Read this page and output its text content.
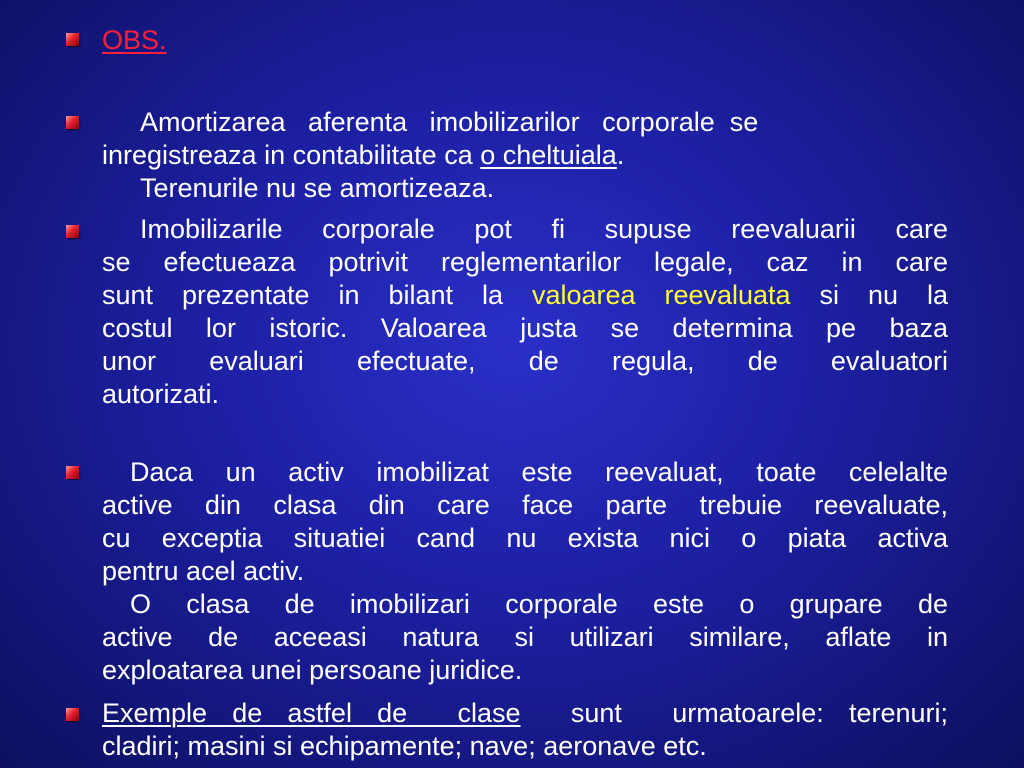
OBS.
Amortizarea   aferenta   imobilizarilor   corporale  se
inregistreaza in contabilitate ca o cheltuiala.
Terenurile nu se amortizeaza.
Imobilizarile corporale pot fi supuse reevaluarii care
se efectueaza potrivit reglementarilor legale, caz in care
sunt prezentate in bilant la valoarea reevaluata si nu la
costul lor istoric. Valoarea justa se determina pe baza
unor evaluari efectuate, de regula, de evaluatori
autorizati.
Daca un activ imobilizat este reevaluat, toate celelalte
active din clasa din care face parte trebuie reevaluate,
cu exceptia situatiei cand nu exista nici o piata activa
pentru acel activ.
O clasa de imobilizari corporale este o grupare de
active de aceeasi natura si utilizari similare, aflate in
exploatarea unei persoane juridice.
Exemple de astfel de  clase  sunt  urmatoarele: terenuri;
cladiri; masini si echipamente; nave; aeronave etc.
